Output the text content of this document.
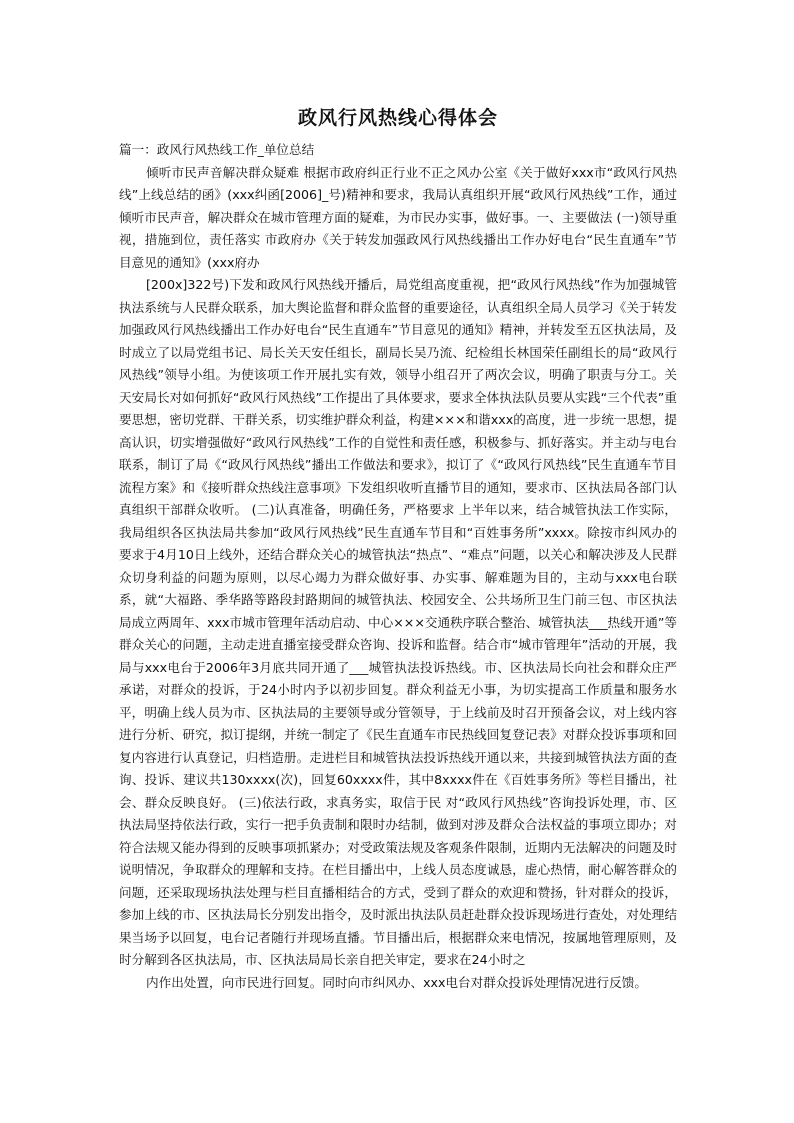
政风行风热线心得体会

篇一：政风行风热线工作_单位总结

倾听市民声音解决群众疑难 根据市政府纠正行业不正之风办公室《关于做好xxx市“政风行风热线”上线总结的函》(xxx纠函[2006]_号)精神和要求，我局认真组织开展“政风行风热线”工作，通过倾听市民声音，解决群众在城市管理方面的疑难，为市民办实事，做好事。一、主要做法 (一)领导重视，措施到位，责任落实 市政府办《关于转发加强政风行风热线播出工作办好电台“民生直通车”节目意见的通知》(xxx府办

[200x]322号)下发和政风行风热线开播后，局党组高度重视，把“政风行风热线”作为加强城管执法系统与人民群众联系，加大舆论监督和群众监督的重要途径，认真组织全局人员学习《关于转发加强政风行风热线播出工作办好电台“民生直通车”节目意见的通知》精神，并转发至五区执法局，及时成立了以局党组书记、局长关天安任组长，副局长吴乃流、纪检组长林国荣任副组长的局“政风行风热线”领导小组。为使该项工作开展扎实有效，领导小组召开了两次会议，明确了职责与分工。关天安局长对如何抓好“政风行风热线”工作提出了具体要求，要求全体执法队员要从实践“三个代表”重要思想，密切党群、干群关系，切实维护群众利益，构建×××和谐xxx的高度，进一步统一思想，提高认识，切实增强做好“政风行风热线”工作的自觉性和责任感，积极参与、抓好落实。并主动与电台联系，制订了局《“政风行风热线”播出工作做法和要求》，拟订了《“政风行风热线”民生直通车节目流程方案》和《接听群众热线注意事项》下发组织收听直播节目的通知，要求市、区执法局各部门认真组织干部群众收听。 (二)认真准备，明确任务，严格要求 上半年以来，结合城管执法工作实际，我局组织各区执法局共参加“政风行风热线”民生直通车节目和“百姓事务所”xxxx。除按市纠风办的要求于4月10日上线外，还结合群众关心的城管执法“热点”、“难点”问题，以关心和解决涉及人民群众切身利益的问题为原则，以尽心竭力为群众做好事、办实事、解难题为目的，主动与xxx电台联系，就“大福路、季华路等路段封路期间的城管执法、校园安全、公共场所卫生门前三包、市区执法局成立两周年、xxx市城市管理年活动启动、中心×××交通秩序联合整治、城管执法___热线开通”等群众关心的问题，主动走进直播室接受群众咨询、投诉和监督。结合市“城市管理年”活动的开展，我局与xxx电台于2006年3月底共同开通了___城管执法投诉热线。市、区执法局长向社会和群众庄严承诺，对群众的投诉，于24小时内予以初步回复。群众利益无小事，为切实提高工作质量和服务水平，明确上线人员为市、区执法局的主要领导或分管领导，于上线前及时召开预备会议，对上线内容进行分析、研究，拟订提纲，并统一制定了《民生直通车市民热线回复登记表》对群众投诉事项和回复内容进行认真登记，归档造册。走进栏目和城管执法投诉热线开通以来，共接到城管执法方面的查询、投诉、建议共130xxxx(次)，回复60xxxx件，其中8xxxx件在《百姓事务所》等栏目播出，社会、群众反映良好。 (三)依法行政，求真务实，取信于民 对“政风行风热线”咨询投诉处理，市、区执法局坚持依法行政，实行一把手负责制和限时办结制，做到对涉及群众合法权益的事项立即办；对符合法规又能办得到的反映事项抓紧办；对受政策法规及客观条件限制，近期内无法解决的问题及时说明情况，争取群众的理解和支持。在栏目播出中，上线人员态度诚恳，虚心热情，耐心解答群众的问题，还采取现场执法处理与栏目直播相结合的方式，受到了群众的欢迎和赞扬，针对群众的投诉，参加上线的市、区执法局长分别发出指令，及时派出执法队员赶赴群众投诉现场进行查处，对处理结果当场予以回复，电台记者随行并现场直播。节目播出后，根据群众来电情况，按属地管理原则，及时分解到各区执法局，市、区执法局局长亲自把关审定，要求在24小时之

内作出处置，向市民进行回复。同时向市纠风办、xxx电台对群众投诉处理情况进行反馈。
